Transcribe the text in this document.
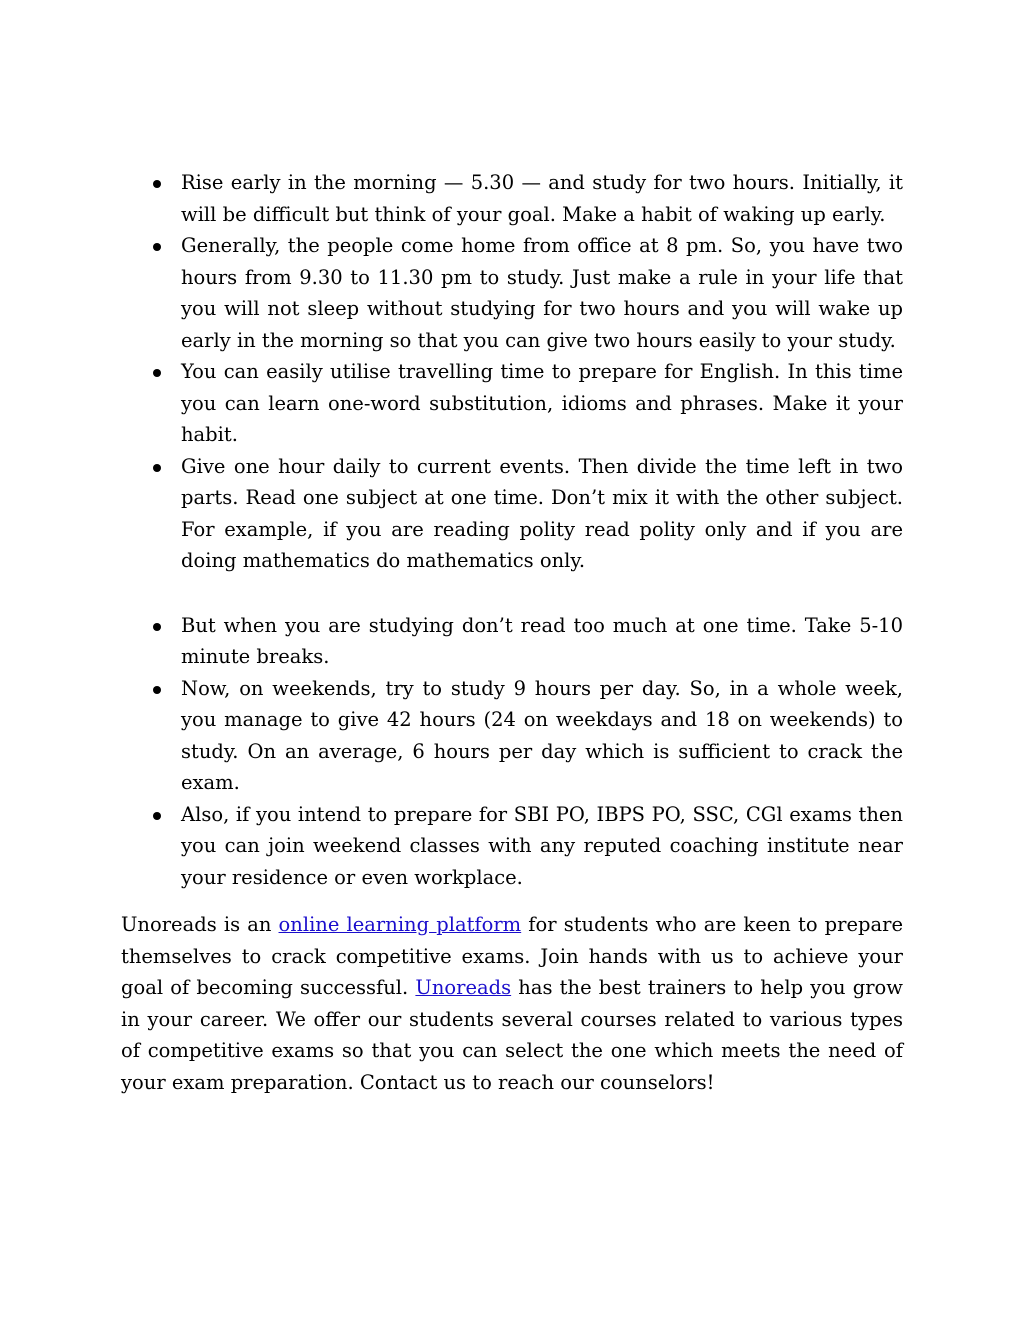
Rise early in the morning — 5.30 — and study for two hours. Initially, it will be difficult but think of your goal. Make a habit of waking up early.
Generally, the people come home from office at 8 pm. So, you have two hours from 9.30 to 11.30 pm to study. Just make a rule in your life that you will not sleep without studying for two hours and you will wake up early in the morning so that you can give two hours easily to your study.
You can easily utilise travelling time to prepare for English. In this time you can learn one-word substitution, idioms and phrases. Make it your habit.
Give one hour daily to current events. Then divide the time left in two parts. Read one subject at one time. Don’t mix it with the other subject. For example, if you are reading polity read polity only and if you are doing mathematics do mathematics only.
But when you are studying don’t read too much at one time. Take 5-10 minute breaks.
Now, on weekends, try to study 9 hours per day. So, in a whole week, you manage to give 42 hours (24 on weekdays and 18 on weekends) to study. On an average, 6 hours per day which is sufficient to crack the exam.
Also, if you intend to prepare for SBI PO, IBPS PO, SSC, CGl exams then you can join weekend classes with any reputed coaching institute near your residence or even workplace.

Unoreads is an online learning platform for students who are keen to prepare themselves to crack competitive exams. Join hands with us to achieve your goal of becoming successful. Unoreads has the best trainers to help you grow in your career. We offer our students several courses related to various types of competitive exams so that you can select the one which meets the need of your exam preparation. Contact us to reach our counselors!
